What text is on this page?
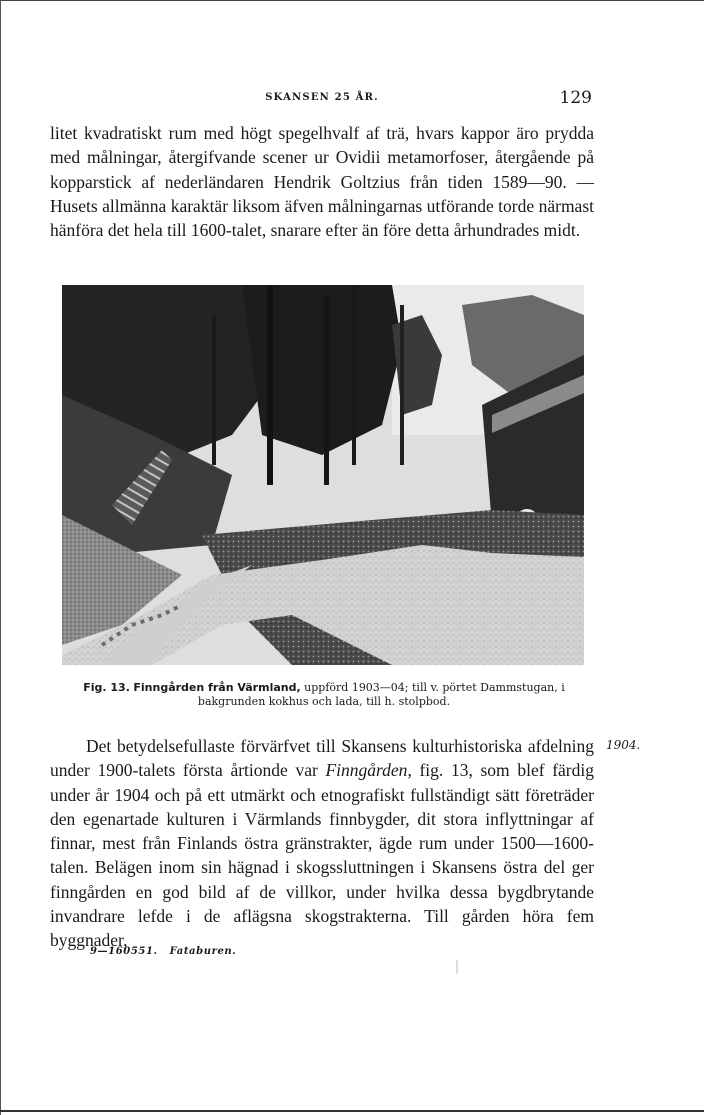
SKANSEN 25 ÅR.	129
litet kvadratiskt rum med högt spegelhvalf af trä, hvars kappor äro prydda med målningar, återgifvande scener ur Ovidii metamorfoser, återgående på kopparstick af nederländaren Hendrik Goltzius från tiden 1589—90. — Husets allmänna karaktär liksom äfven målningarnas utförande torde närmast hänföra det hela till 1600-talet, snarare efter än före detta århundrades midt.
Fig. 13. Finngården från Värmland, uppförd 1903—04; till v. pörtet Dammstugan, i bakgrunden kokhus och lada, till h. stolpbod.
Det betydelsefullaste förvärfvet till Skansens kulturhistoriska afdelning under 1900-talets första årtionde var Finngården, fig. 13, som blef färdig under år 1904 och på ett utmärkt och etnografiskt fullständigt sätt företräder den egenartade kulturen i Värmlands finnbygder, dit stora inflyttningar af finnar, mest från Finlands östra gränstrakter, ägde rum under 1500—1600-talen. Belägen inom sin hägnad i skogssluttningen i Skansens östra del ger finngården en god bild af de villkor, under hvilka dessa bygdbrytande invandrare lefde i de aflägsna skogstrakterna. Till gården höra fem byggnader,
1904.
9—160551. Fataburen.
